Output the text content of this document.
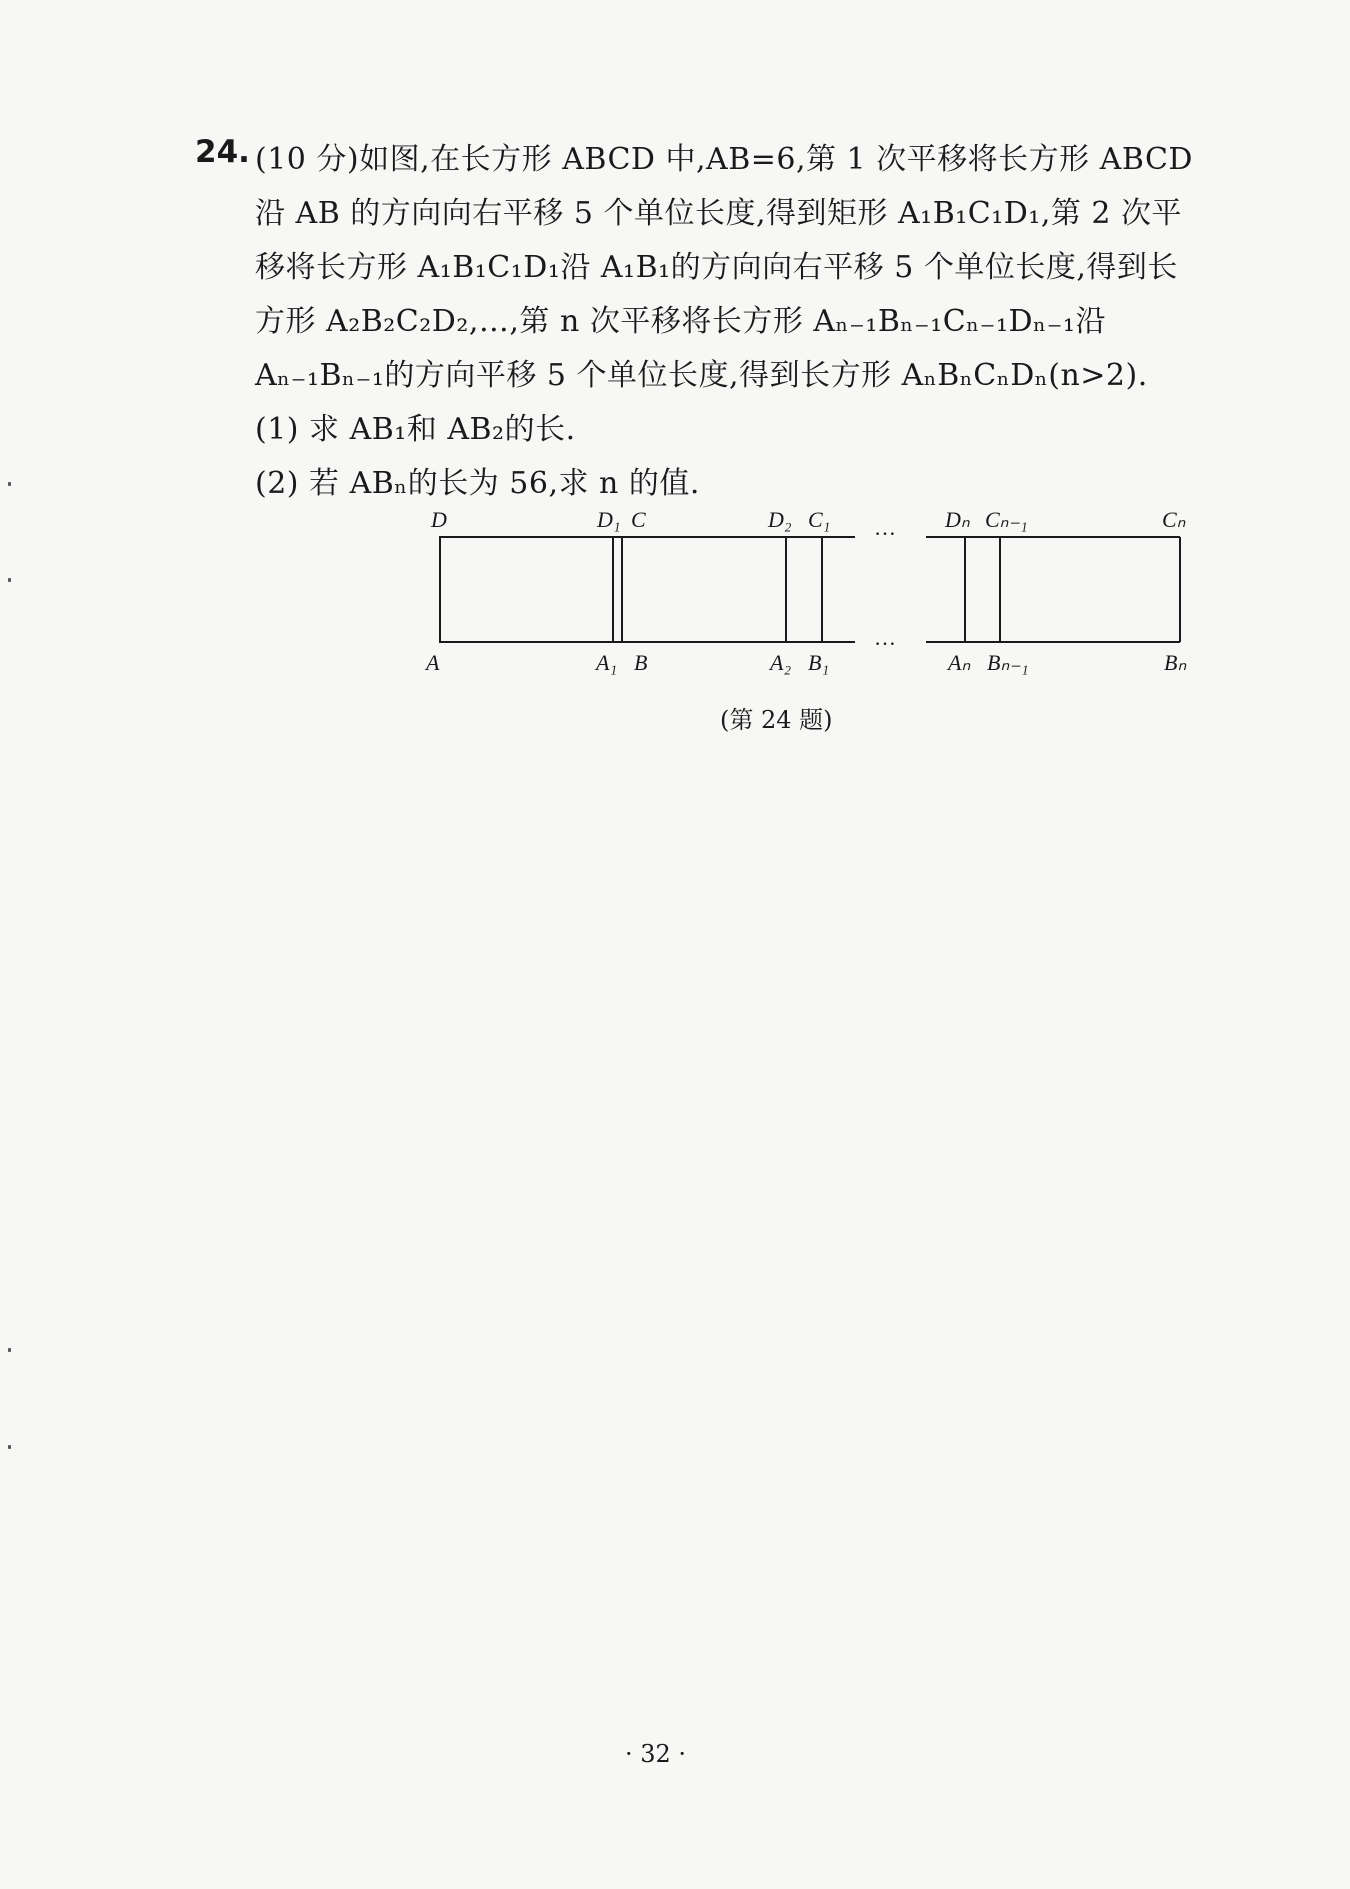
24. (10 分)如图,在长方形 ABCD 中,AB=6,第 1 次平移将长方形 ABCD
沿 AB 的方向向右平移 5 个单位长度,得到矩形 A₁B₁C₁D₁,第 2 次平
移将长方形 A₁B₁C₁D₁沿 A₁B₁的方向向右平移 5 个单位长度,得到长
方形 A₂B₂C₂D₂,…,第 n 次平移将长方形 Aₙ₋₁Bₙ₋₁Cₙ₋₁Dₙ₋₁沿
Aₙ₋₁Bₙ₋₁的方向平移 5 个单位长度,得到长方形 AₙBₙCₙDₙ(n>2).
(1) 求 AB₁和 AB₂的长.
(2) 若 ABₙ的长为 56,求 n 的值.
D	D₁ C	D₂ C₁ … Dₙ Cₙ₋₁	Cₙ
A	A₁ B	A₂ B₁
…
Aₙ Bₙ₋₁	Bₙ
(第 24 题)
· 32 ·
